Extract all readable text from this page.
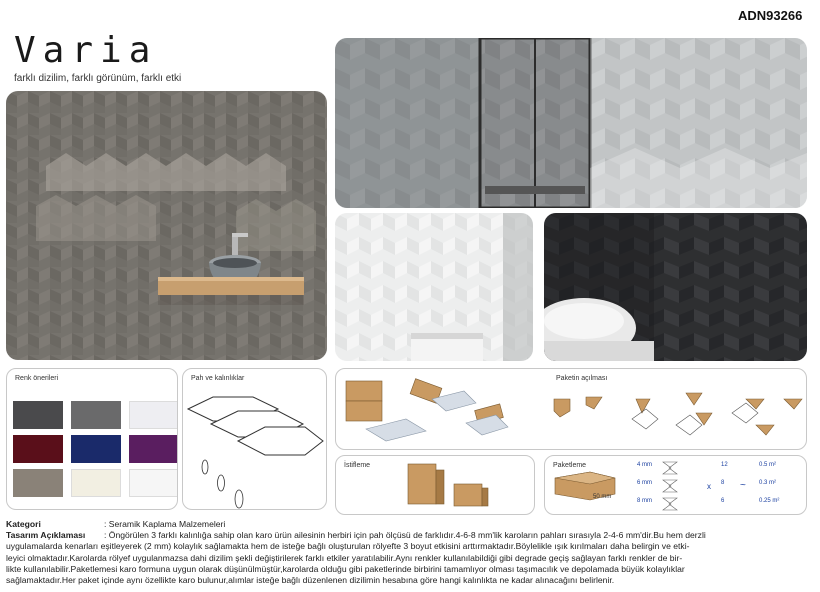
ADN93266
Varia
farklı dizilim, farklı görünüm, farklı etki
Renk önerileri	Pah ve kalınlıklar	Paketin açılması
İstifleme	Paketleme
50 mm
4 mm	12	0.5 m²
6 mm	8	0.3 m²
8 mm	6	0.25 m²
x	~
Kategori	: Seramik Kaplama Malzemeleri
Tasarım Açıklaması	: Öngörülen 3 farklı kalınlığa sahip olan karo ürün ailesinin herbiri için pah ölçüsü de farklıdır.4-6-8 mm'lik karoların pahları sırasıyla 2-4-6 mm'dir.Bu hem derzli

uygulamalarda kenarları eşitleyerek (2 mm) kolaylık sağlamakta hem de isteğe bağlı oluşturulan rölyefte 3 boyut etkisini arttırmaktadır.Böylelikle ışık kırılmaları daha belirgin ve etki-

leyici olmaktadır.Karolarda rölyef uygulanmazsa dahi dizilim şekli değiştirilerek farklı etkiler yaratılabilir.Aynı renkler kullanılabildiği gibi degrade geçiş sağlayan farklı renkler de bir-

likte kullanılabilir.Paketlemesi karo formuna uygun olarak düşünülmüştür,karolarda olduğu gibi paketlerinde birbirini tamamlıyor olması taşımacılık ve depolamada büyük kolaylıklar

sağlamaktadır.Her paket içinde aynı özellikte karo bulunur,alımlar isteğe bağlı düzenlenen dizilimin hesabına göre hangi kalınlıkta ne kadar alınacağını belirlenir.
